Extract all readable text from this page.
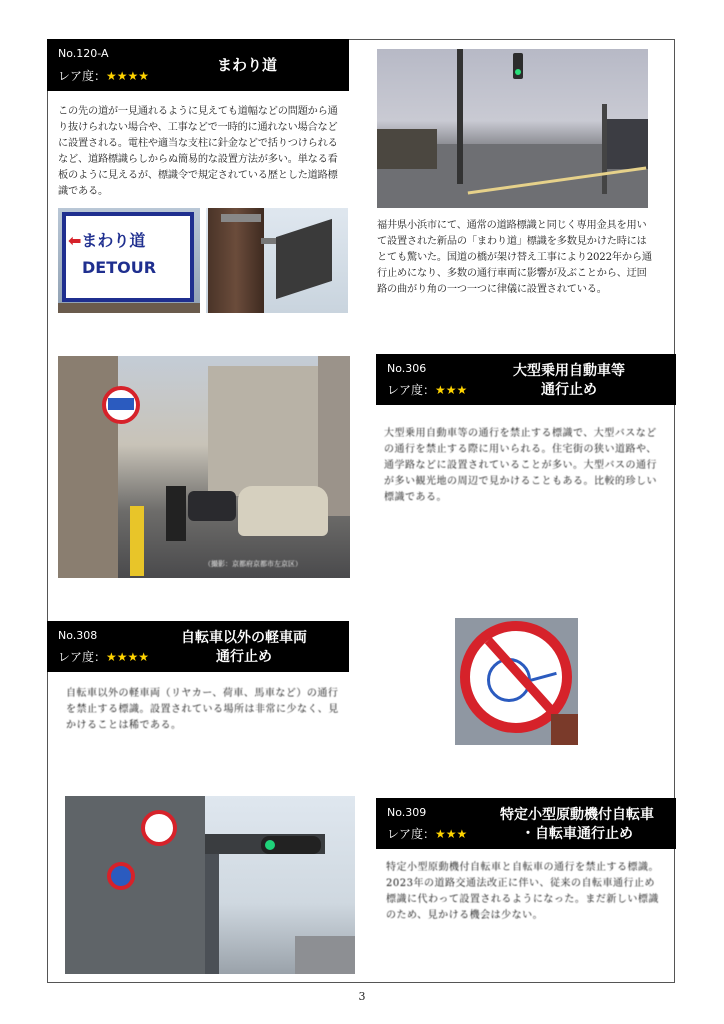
No.120-A
レア度：★★★★
まわり道
この先の道が一見通れるように見えても道幅などの問題から通り抜けられない場合や、工事などで一時的に通れない場合などに設置される。電柱や適当な支柱に針金などで括りつけられるなど、道路標識らしからぬ簡易的な設置方法が多い。単なる看板のように見えるが、標識令で規定されている歴とした道路標識である。
⬅まわり道
DETOUR
福井県小浜市にて、通常の道路標識と同じく専用金具を用いて設置された新品の「まわり道」標識を多数見かけた時にはとても驚いた。国道の橋が架け替え工事により2022年から通行止めになり、多数の通行車両に影響が及ぶことから、迂回路の曲がり角の一つ一つに律儀に設置されている。
（撮影：京都府京都市左京区）
No.306
レア度：★★★
大型乗用自動車等
通行止め
大型乗用自動車等の通行を禁止する標識で、大型バスなどの通行を禁止する際に用いられる。住宅街の狭い道路や、通学路などに設置されていることが多い。大型バスの通行が多い観光地の周辺で見かけることもある。比較的珍しい標識である。
No.308
レア度：★★★★
自転車以外の軽車両
通行止め
自転車以外の軽車両（リヤカー、荷車、馬車など）の通行を禁止する標識。設置されている場所は非常に少なく、見かけることは稀である。
No.309
レア度：★★★
特定小型原動機付自転車
・自転車通行止め
特定小型原動機付自転車と自転車の通行を禁止する標識。2023年の道路交通法改正に伴い、従来の自転車通行止め標識に代わって設置されるようになった。まだ新しい標識のため、見かける機会は少ない。
3
